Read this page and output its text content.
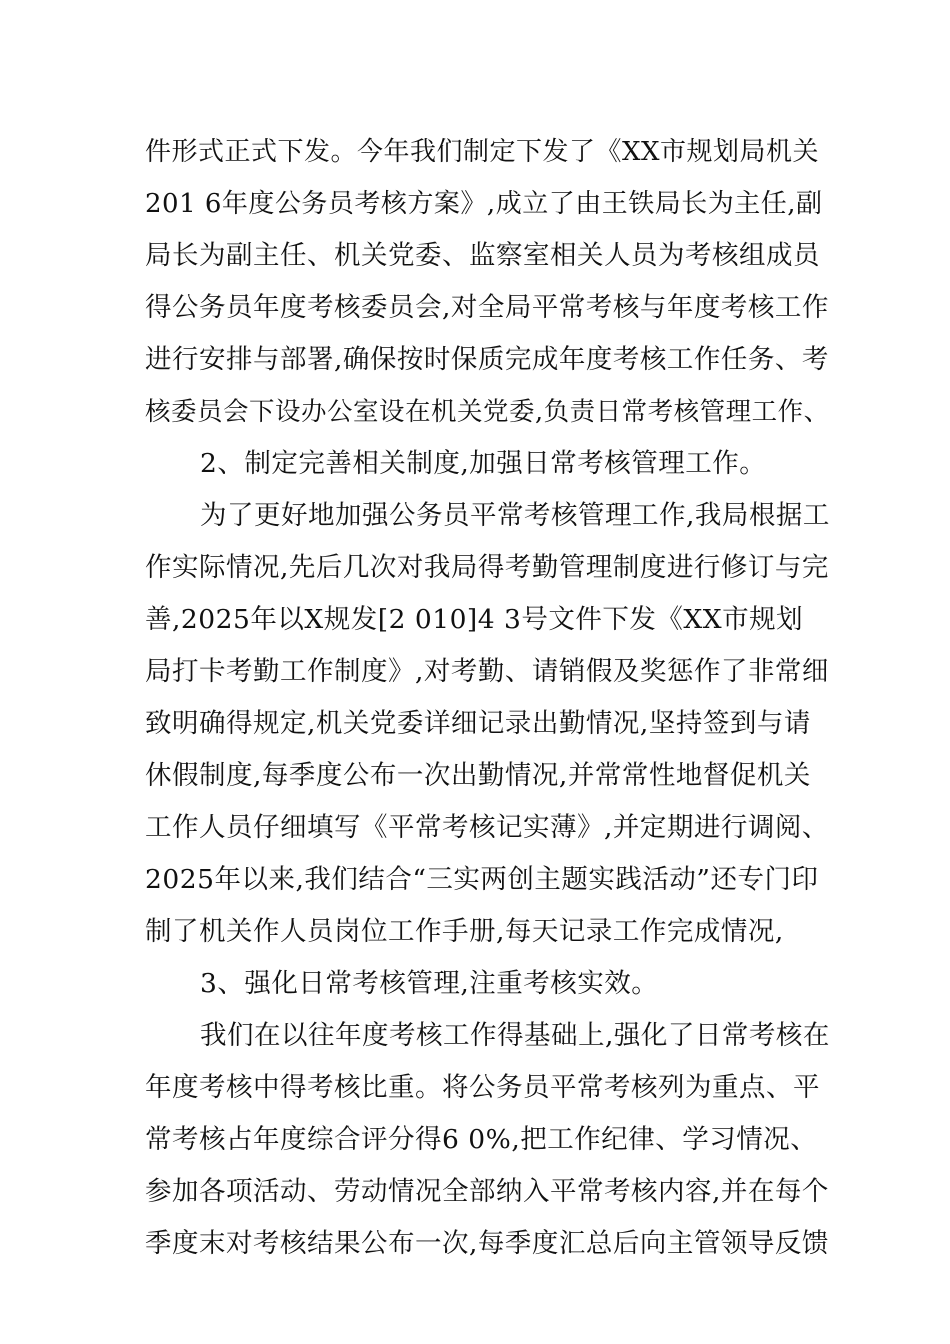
件形式正式下发。今年我们制定下发了《XX市规划局机关

201 6年度公务员考核方案》,成立了由王铁局长为主任,副

局长为副主任、机关党委、监察室相关人员为考核组成员

得公务员年度考核委员会,对全局平常考核与年度考核工作

进行安排与部署,确保按时保质完成年度考核工作任务、考

核委员会下设办公室设在机关党委,负责日常考核管理工作、

2、制定完善相关制度,加强日常考核管理工作。

为了更好地加强公务员平常考核管理工作,我局根据工

作实际情况,先后几次对我局得考勤管理制度进行修订与完

善,2025年以X规发[2 010]4 3号文件下发《XX市规划

局打卡考勤工作制度》,对考勤、请销假及奖惩作了非常细

致明确得规定,机关党委详细记录出勤情况,坚持签到与请

休假制度,每季度公布一次出勤情况,并常常性地督促机关

工作人员仔细填写《平常考核记实薄》,并定期进行调阅、

2025年以来,我们结合“三实两创主题实践活动”还专门印

制了机关作人员岗位工作手册,每天记录工作完成情况,

3、强化日常考核管理,注重考核实效。

我们在以往年度考核工作得基础上,强化了日常考核在

年度考核中得考核比重。将公务员平常考核列为重点、平

常考核占年度综合评分得6 0%,把工作纪律、学习情况、

参加各项活动、劳动情况全部纳入平常考核内容,并在每个

季度末对考核结果公布一次,每季度汇总后向主管领导反馈
